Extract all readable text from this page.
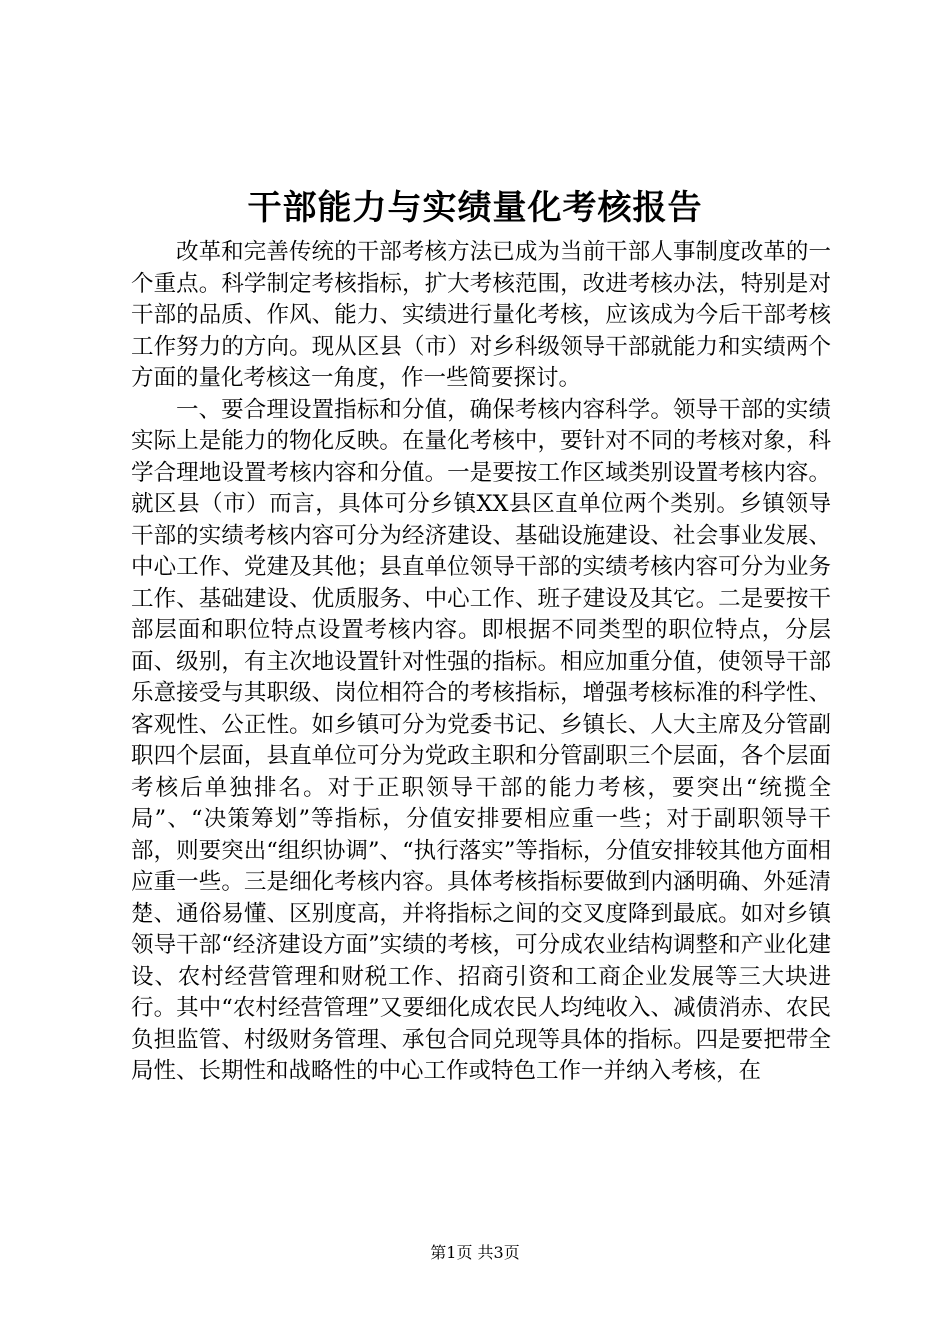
干部能力与实绩量化考核报告

改革和完善传统的干部考核方法已成为当前干部人事制度改革的一个重点。科学制定考核指标，扩大考核范围，改进考核办法，特别是对干部的品质、作风、能力、实绩进行量化考核，应该成为今后干部考核工作努力的方向。现从区县（市）对乡科级领导干部就能力和实绩两个方面的量化考核这一角度，作一些简要探讨。

一、要合理设置指标和分值，确保考核内容科学。领导干部的实绩实际上是能力的物化反映。在量化考核中，要针对不同的考核对象，科学合理地设置考核内容和分值。一是要按工作区域类别设置考核内容。就区县（市）而言，具体可分乡镇XX县区直单位两个类别。乡镇领导干部的实绩考核内容可分为经济建设、基础设施建设、社会事业发展、中心工作、党建及其他；县直单位领导干部的实绩考核内容可分为业务工作、基础建设、优质服务、中心工作、班子建设及其它。二是要按干部层面和职位特点设置考核内容。即根据不同类型的职位特点，分层面、级别，有主次地设置针对性强的指标。相应加重分值，使领导干部乐意接受与其职级、岗位相符合的考核指标，增强考核标准的科学性、客观性、公正性。如乡镇可分为党委书记、乡镇长、人大主席及分管副职四个层面，县直单位可分为党政主职和分管副职三个层面，各个层面考核后单独排名。对于正职领导干部的能力考核，要突出“统揽全局”、“决策筹划”等指标，分值安排要相应重一些；对于副职领导干部，则要突出“组织协调”、“执行落实”等指标，分值安排较其他方面相应重一些。三是细化考核内容。具体考核指标要做到内涵明确、外延清楚、通俗易懂、区别度高，并将指标之间的交叉度降到最底。如对乡镇领导干部“经济建设方面”实绩的考核，可分成农业结构调整和产业化建设、农村经营管理和财税工作、招商引资和工商企业发展等三大块进行。其中“农村经营管理”又要细化成农民人均纯收入、减债消赤、农民负担监管、村级财务管理、承包合同兑现等具体的指标。四是要把带全局性、长期性和战略性的中心工作或特色工作一并纳入考核，在

第1页 共3页
